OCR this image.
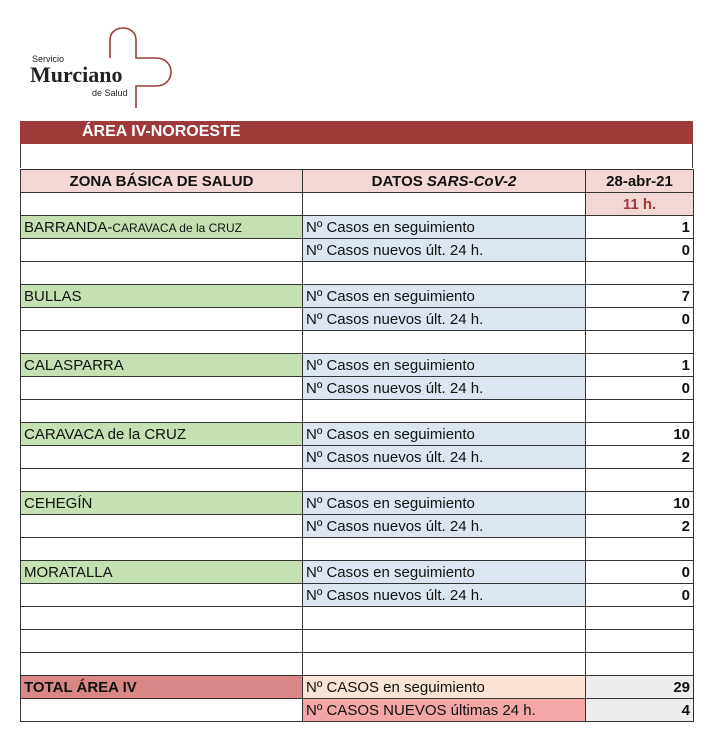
Servicio
Murciano
de Salud
ÁREA IV-NOROESTE
ZONA BÁSICA DE SALUD	DATOS SARS-CoV-2	28-abr-21
		11 h.
BARRANDA-CARAVACA de la CRUZ	Nº Casos en seguimiento	1
	Nº Casos nuevos últ. 24 h.	0

BULLAS	Nº Casos en seguimiento	7
	Nº Casos nuevos últ. 24 h.	0

CALASPARRA	Nº Casos en seguimiento	1
	Nº Casos nuevos últ. 24 h.	0

CARAVACA de la CRUZ	Nº Casos en seguimiento	10
	Nº Casos nuevos últ. 24 h.	2

CEHEGÍN	Nº Casos en seguimiento	10
	Nº Casos nuevos últ. 24 h.	2

MORATALLA	Nº Casos en seguimiento	0
	Nº Casos nuevos últ. 24 h.	0

TOTAL ÁREA IV	Nº CASOS en seguimiento	29
	Nº CASOS NUEVOS últimas 24 h.	4
